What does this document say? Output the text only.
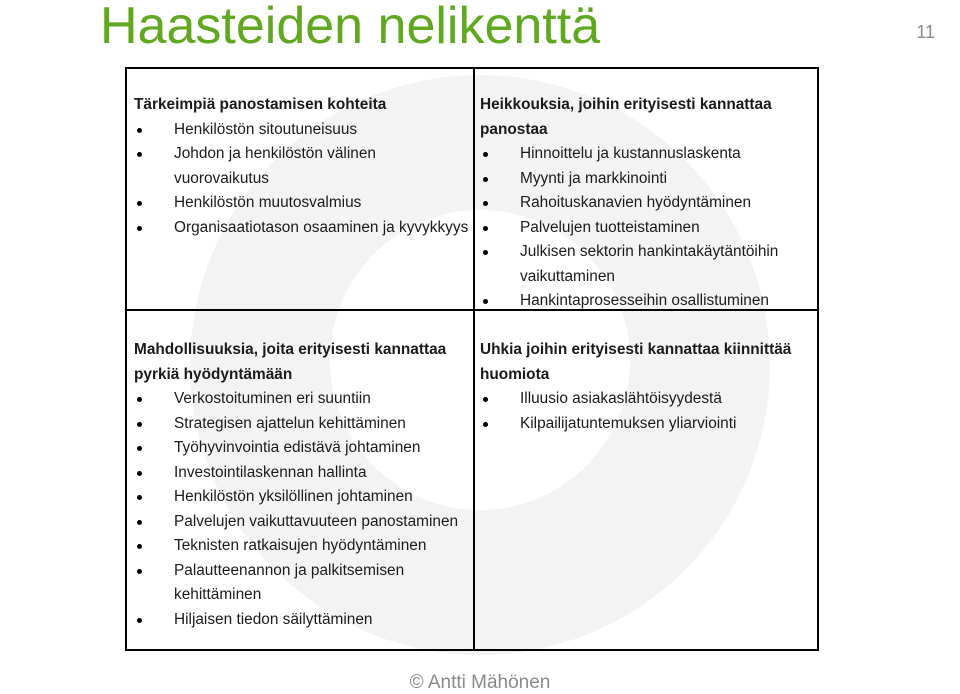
Haasteiden nelikenttä	11
Tärkeimpiä panostamisen kohteita
Henkilöstön sitoutuneisuus
Johdon ja henkilöstön välinen vuorovaikutus
Henkilöstön muutosvalmius
Organisaatiotason osaaminen ja kyvykkyys
Heikkouksia, joihin erityisesti kannattaa panostaa
Hinnoittelu ja kustannuslaskenta
Myynti ja markkinointi
Rahoituskanavien hyödyntäminen
Palvelujen tuotteistaminen
Julkisen sektorin hankintakäytäntöihin vaikuttaminen
Hankintaprosesseihin osallistuminen
Mahdollisuuksia, joita erityisesti kannattaa pyrkiä hyödyntämään
Verkostoituminen eri suuntiin
Strategisen ajattelun kehittäminen
Työhyvinvointia edistävä johtaminen
Investointilaskennan hallinta
Henkilöstön yksilöllinen johtaminen
Palvelujen vaikuttavuuteen panostaminen
Teknisten ratkaisujen hyödyntäminen
Palautteenannon ja palkitsemisen kehittäminen
Hiljaisen tiedon säilyttäminen
Uhkia joihin erityisesti kannattaa kiinnittää huomiota
Illuusio asiakaslähtöisyydestä
Kilpailijatuntemuksen yliarviointi
© Antti Mähönen
